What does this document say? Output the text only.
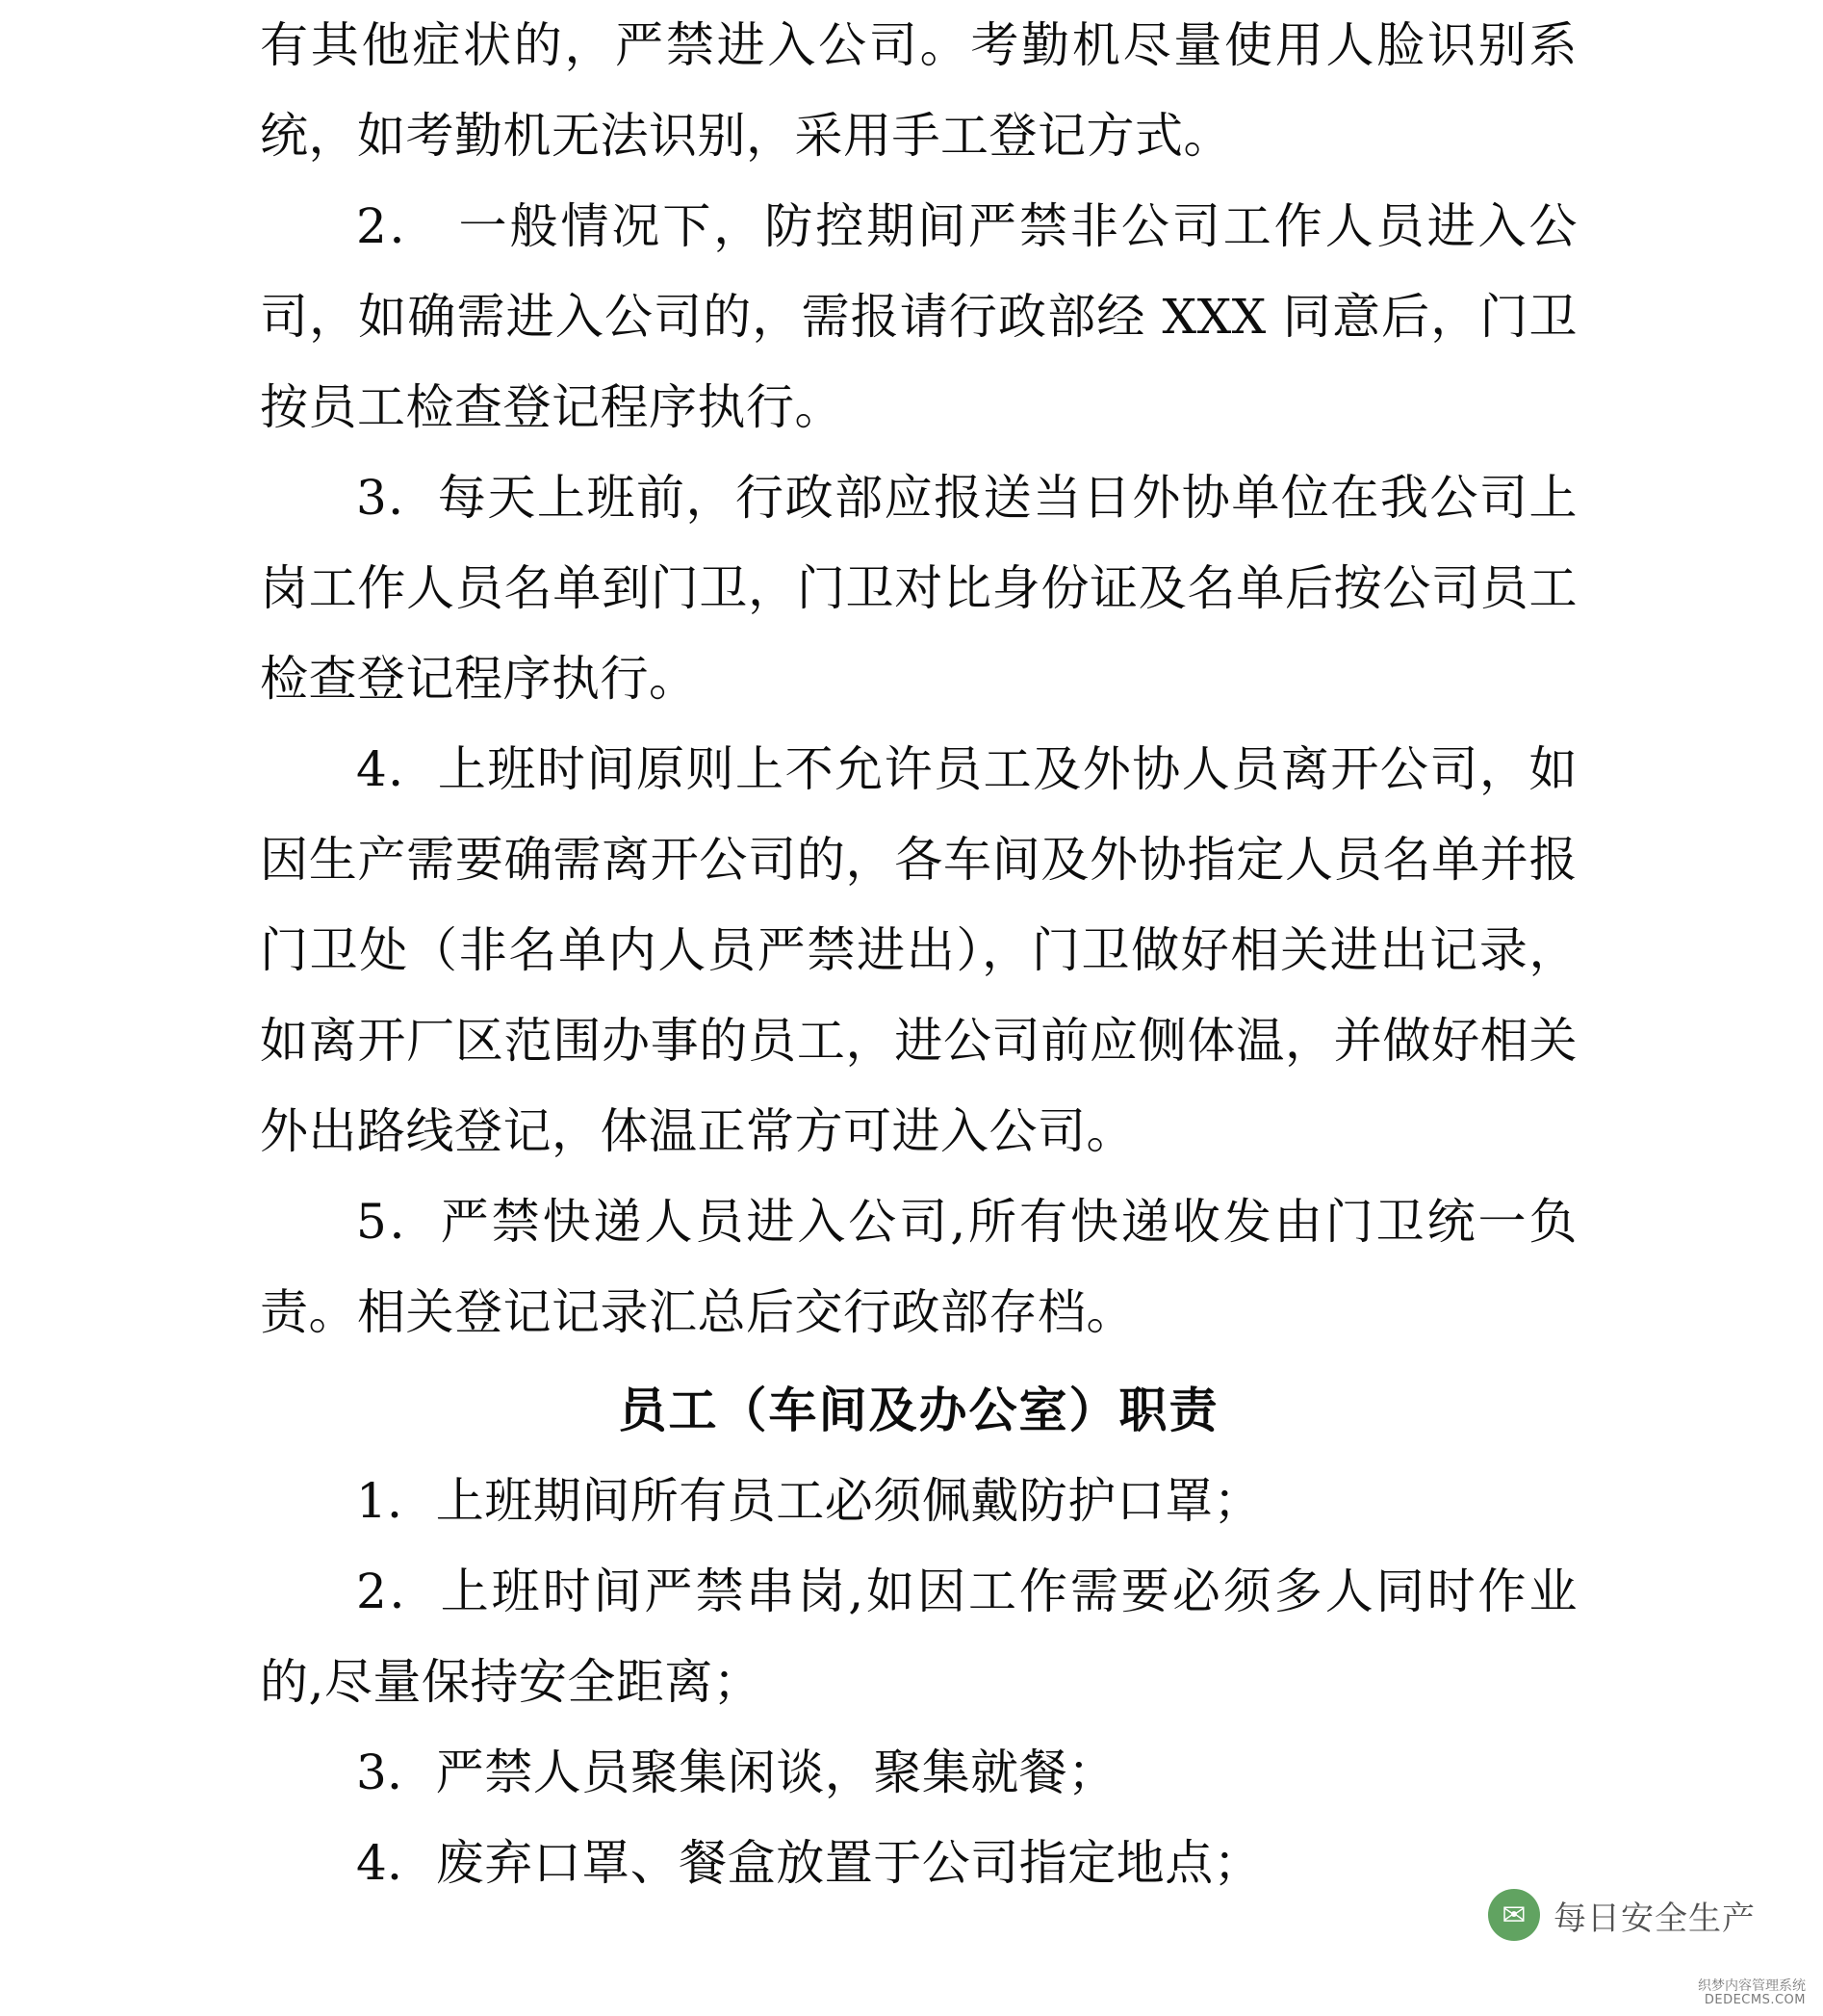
有其他症状的，严禁进入公司。考勤机尽量使用人脸识别系统，如考勤机无法识别，采用手工登记方式。

2． 一般情况下，防控期间严禁非公司工作人员进入公司，如确需进入公司的，需报请行政部经 XXX 同意后，门卫按员工检查登记程序执行。

3．每天上班前，行政部应报送当日外协单位在我公司上岗工作人员名单到门卫，门卫对比身份证及名单后按公司员工检查登记程序执行。

4．上班时间原则上不允许员工及外协人员离开公司，如因生产需要确需离开公司的，各车间及外协指定人员名单并报门卫处（非名单内人员严禁进出），门卫做好相关进出记录，如离开厂区范围办事的员工，进公司前应侧体温，并做好相关外出路线登记，体温正常方可进入公司。

5．严禁快递人员进入公司,所有快递收发由门卫统一负责。相关登记记录汇总后交行政部存档。

员工（车间及办公室）职责

1．上班期间所有员工必须佩戴防护口罩；

2．上班时间严禁串岗,如因工作需要必须多人同时作业的,尽量保持安全距离；

3．严禁人员聚集闲谈，聚集就餐；

4．废弃口罩、餐盒放置于公司指定地点；

✉ 每日安全生产
织梦内容管理系统
DEDECMS.COM
